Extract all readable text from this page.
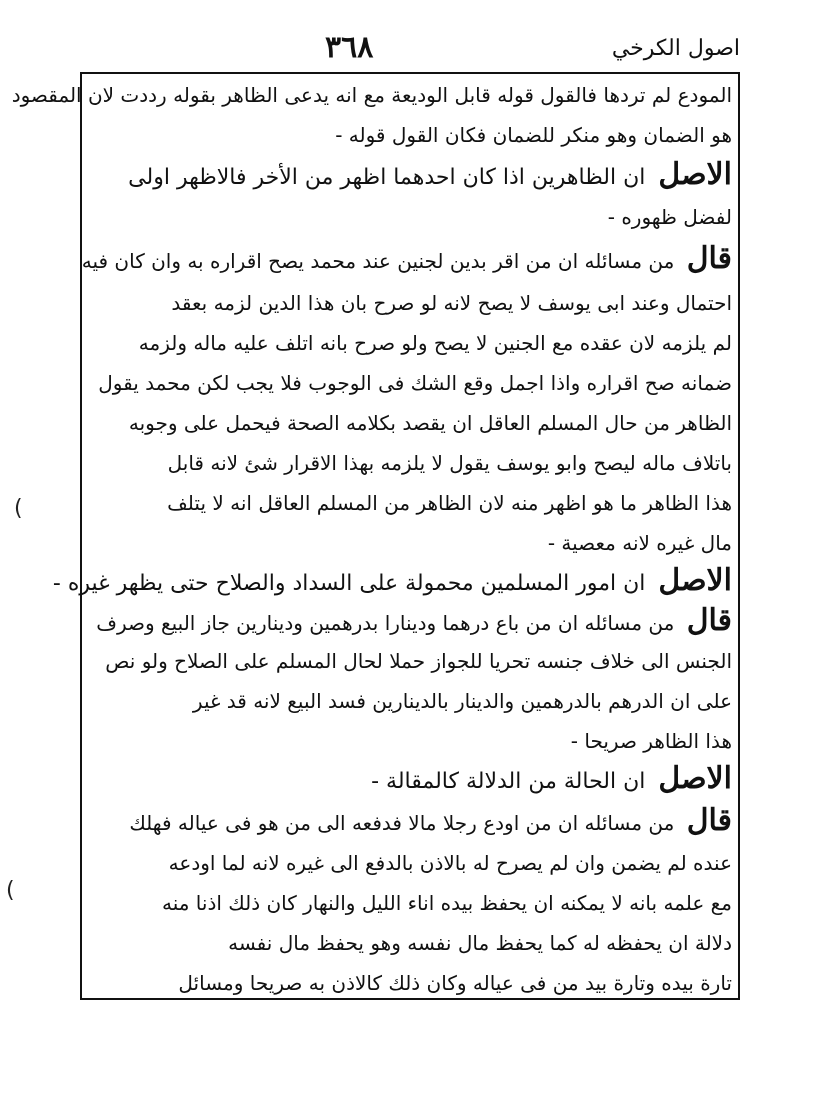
اصول الكرخي
٣٦٨
(
(
المودع لم تردها فالقول قوله قابل الوديعة مع انه يدعى الظاهر بقوله رددت لان المقصود
هو الضمان وهو منكر للضمان فكان القول قوله -
الاصل ان الظاهرين اذا كان احدهما اظهر من الأخر فالاظهر اولى
لفضل ظهوره -
قال من مسائله ان من اقر بدين لجنين عند محمد يصح اقراره به وان كان فيه
احتمال وعند ابى يوسف لا يصح لانه لو صرح بان هذا الدين لزمه بعقد
لم يلزمه لان عقده مع الجنين لا يصح ولو صرح بانه اتلف عليه ماله ولزمه
ضمانه صح اقراره واذا اجمل وقع الشك فى الوجوب فلا يجب لكن محمد يقول
الظاهر من حال المسلم العاقل ان يقصد بكلامه الصحة فيحمل على وجوبه
باتلاف ماله ليصح وابو يوسف يقول لا يلزمه بهذا الاقرار شئ لانه قابل
هذا الظاهر ما هو اظهر منه لان الظاهر من المسلم العاقل انه لا يتلف
مال غيره لانه معصية -
الاصل ان امور المسلمين محمولة على السداد والصلاح حتى يظهر غيره -
قال من مسائله ان من باع درهما ودينارا بدرهمين ودينارين جاز البيع وصرف
الجنس الى خلاف جنسه تحريا للجواز حملا لحال المسلم على الصلاح ولو نص
على ان الدرهم بالدرهمين والدينار بالدينارين فسد البيع لانه قد غير
هذا الظاهر صريحا -
الاصل ان الحالة من الدلالة كالمقالة -
قال من مسائله ان من اودع رجلا مالا فدفعه الى من هو فى عياله فهلك
عنده لم يضمن وان لم يصرح له بالاذن بالدفع الى غيره لانه لما اودعه
مع علمه بانه لا يمكنه ان يحفظ بيده اناء الليل والنهار كان ذلك اذنا منه
دلالة ان يحفظه له كما يحفظ مال نفسه وهو يحفظ مال نفسه
تارة بيده وتارة بيد من فى عياله وكان ذلك كالاذن به صريحا ومسائل
